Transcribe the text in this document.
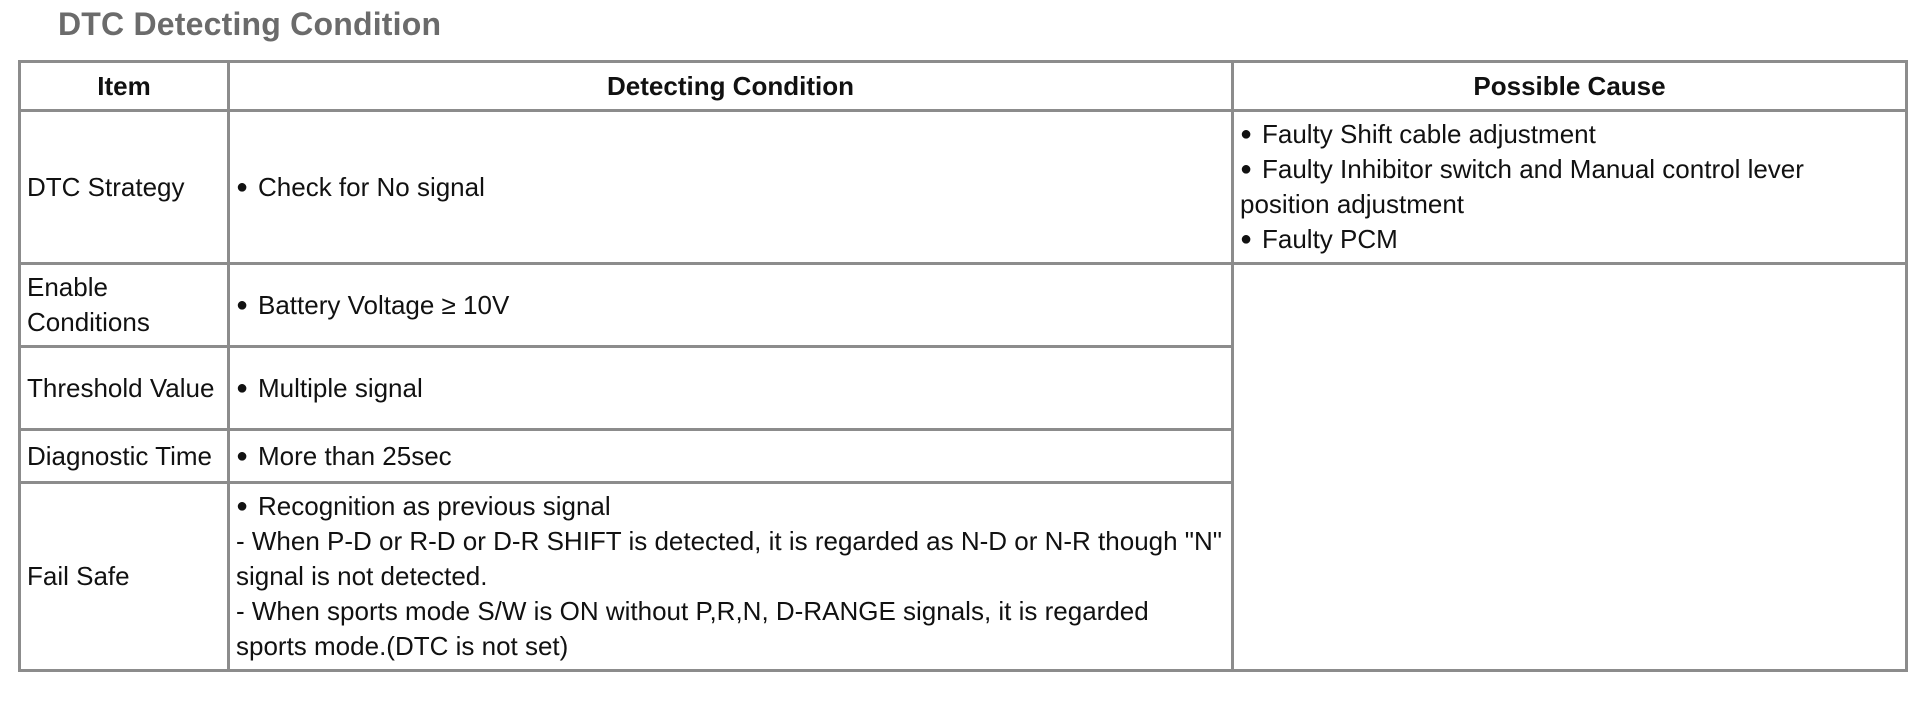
DTC Detecting Condition
Item	Detecting Condition	Possible Cause
DTC Strategy	● Check for No signal	● Faulty Shift cable adjustment
● Faulty Inhibitor switch and Manual control lever position adjustment
● Faulty PCM

Enable Conditions	● Battery Voltage ≥ 10V	

Threshold Value	● Multiple signal	

Diagnostic Time	● More than 25sec	

Fail Safe	● Recognition as previous signal
- When P-D or R-D or D-R SHIFT is detected, it is regarded as N-D or N-R though "N" signal is not detected.
- When sports mode S/W is ON without P,R,N, D-RANGE signals, it is regarded sports mode.(DTC is not set)	
